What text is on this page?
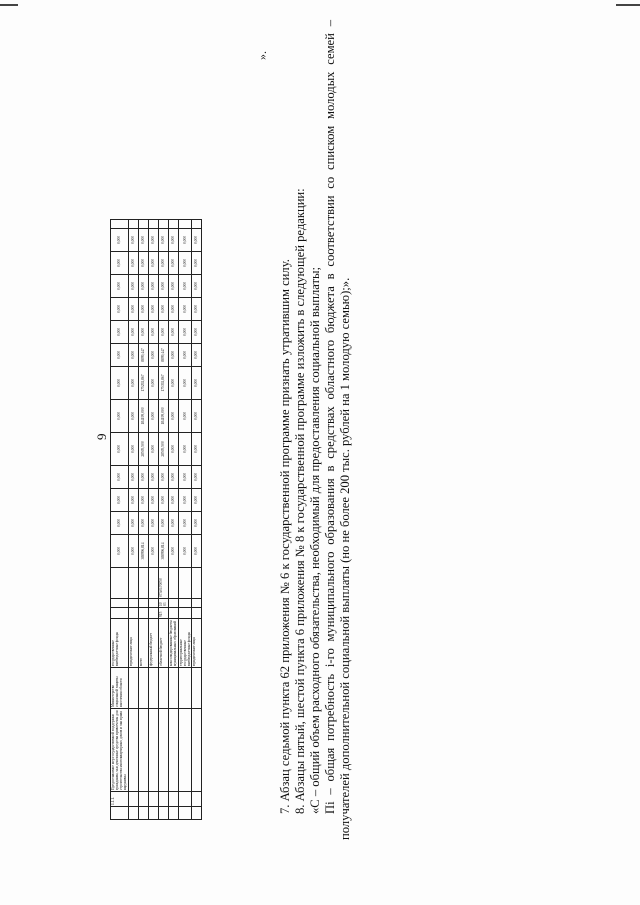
9
	1.1.1.	Предоставление мер государственной поддержки гражданам, чьи денежные средства привлечены для строительства многоквартирных домов и чьи права нарушены	Министерство социальной защиты населения области	государственные внебюджетные фонды				0,000	0,000	0,000	0,000	0,000	0,000	0,000	0,000	0,000	0,000	0,000	0,000	0,000	
				юридические лица				0,000	0,000	0,000	0,000	0,000	0,000	0,000	0,000	0,000	0,000	0,000	0,000	0,000	
				всего				388996,814	0,000	0,000	0,000	28505,500	184199,000	175292,867	8899,447	0,000	0,000	0,000	0,000	0,000	
				федеральный бюджет				0,000	0,000	0,000	0,000	0,000	0,000	0,000	0,000	0,000	0,000	0,000	0,000	0,000	
				областной бюджет	915	10 03	07А0170050	388996,814	0,000	0,000	0,000	28505,500	184199,000	175392,867	8899,447	0,000	0,000	0,000	0,000	0,000	
				консолидированные бюджеты муниципальных образований				0,000	0,000	0,000	0,000	0,000	0,000	0,000	0,000	0,000	0,000	0,000	0,000	0,000	
				территориальные государственные внебюджетные фонды				0,000	0,000	0,000	0,000	0,000	0,000	0,000	0,000	0,000	0,000	0,000	0,000	0,000	
				юридические лица				0,000	0,000	0,000	0,000	0,000	0,000	0,000	0,000	0,000	0,000	0,000	0,000	0,000	
».

7. Абзац седьмой пункта 62 приложения № 6 к государственной программе признать утратившим силу. 8. Абзацы пятый, шестой пункта 6 приложения № 8 к государственной программе изложить в следующей редакции: «С – общий объем расходного обязательства, необходимый для предоставления социальной выплаты; Пi – общая потребность i-го муниципального образования в средствах областного бюджета в соответствии со списком молодых семей – получателей дополнительной социальной выплаты (но не более 200 тыс. рублей на 1 молодую семью);».
